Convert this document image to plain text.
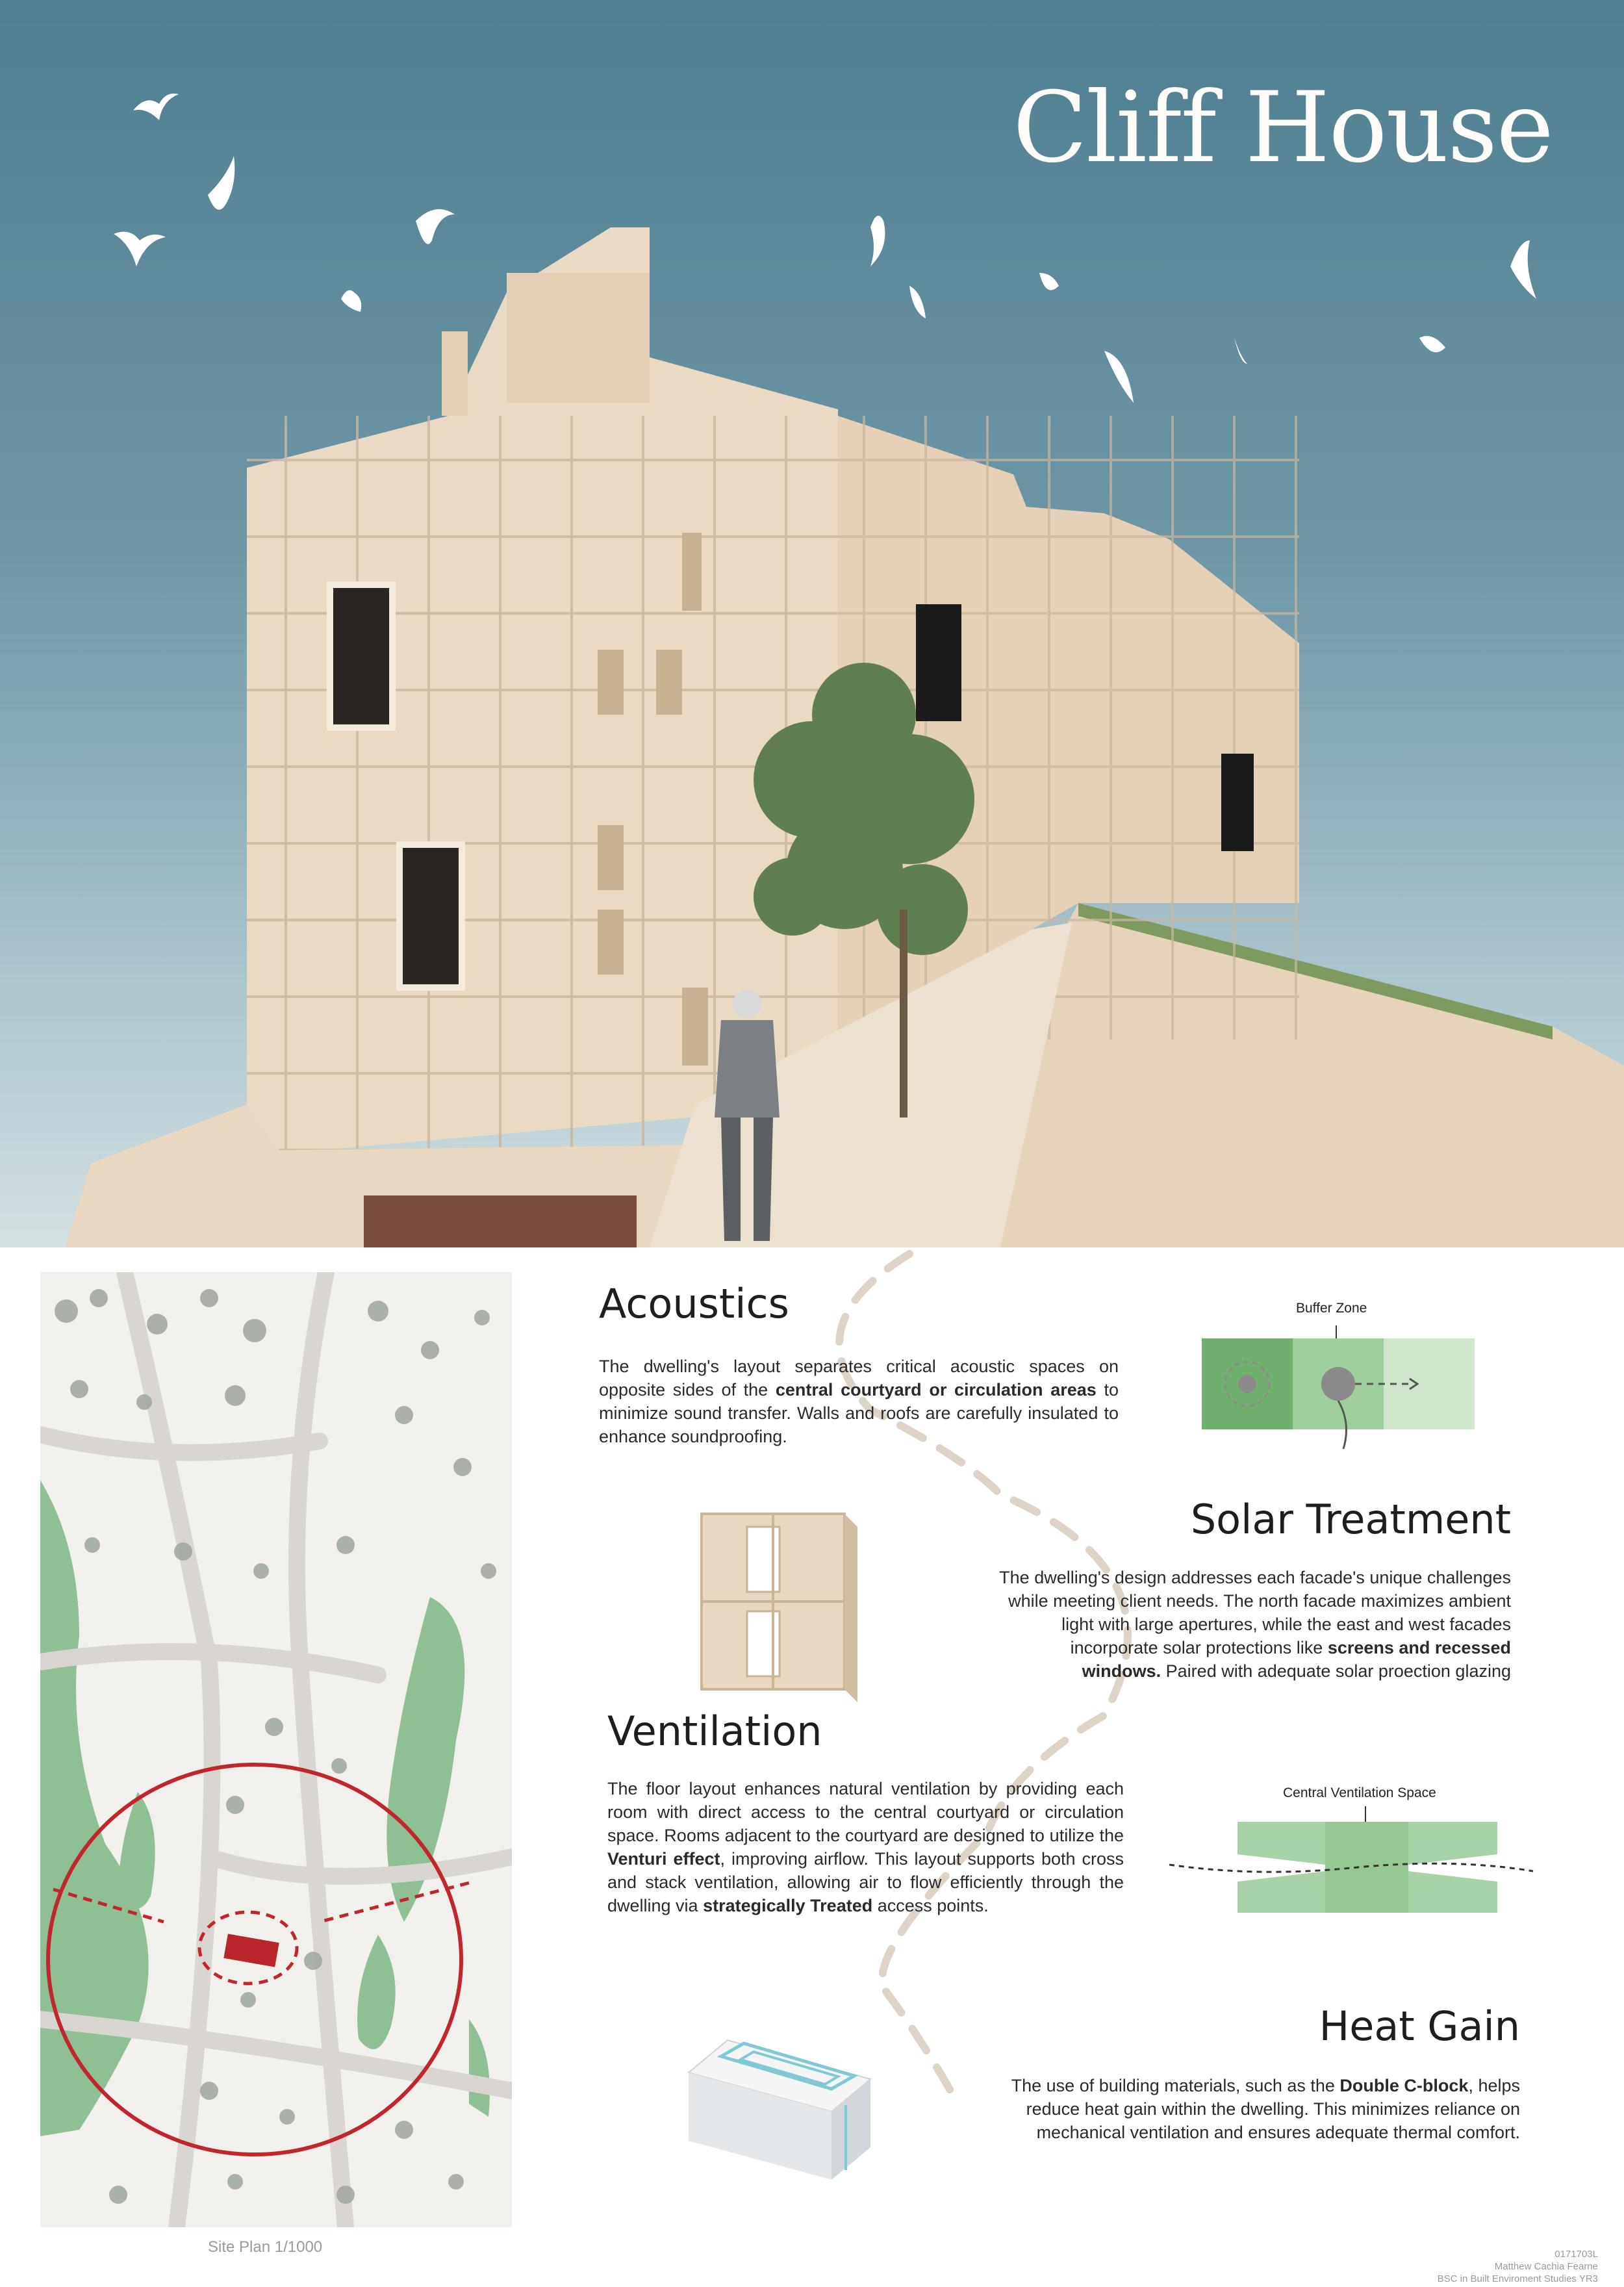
Cliff House
Site Plan 1/1000
Acoustics
The dwelling's layout separates critical acoustic spaces on opposite sides of the central courtyard or circulation areas to minimize sound transfer. Walls and roofs are carefully insulated to enhance soundproofing.
Buffer Zone
Solar Treatment
The dwelling's design addresses each facade's unique challenges while meeting client needs. The north facade maximizes ambient light with large apertures, while the east and west facades incorporate solar protections like screens and recessed windows. Paired with adequate solar proection glazing
Ventilation
The floor layout enhances natural ventilation by providing each room with direct access to the central courtyard or circulation space. Rooms adjacent to the courtyard are designed to utilize the Venturi effect, improving airflow. This layout supports both cross and stack ventilation, allowing air to flow efficiently through the dwelling via strategically Treated access points.
Central Ventilation Space
Heat Gain
The use of building materials, such as the Double C-block, helps reduce heat gain within the dwelling. This minimizes reliance on mechanical ventilation and ensures adequate thermal comfort.
0171703L
Matthew Cachia Fearne
BSC in Built Enviroment Studies YR3
